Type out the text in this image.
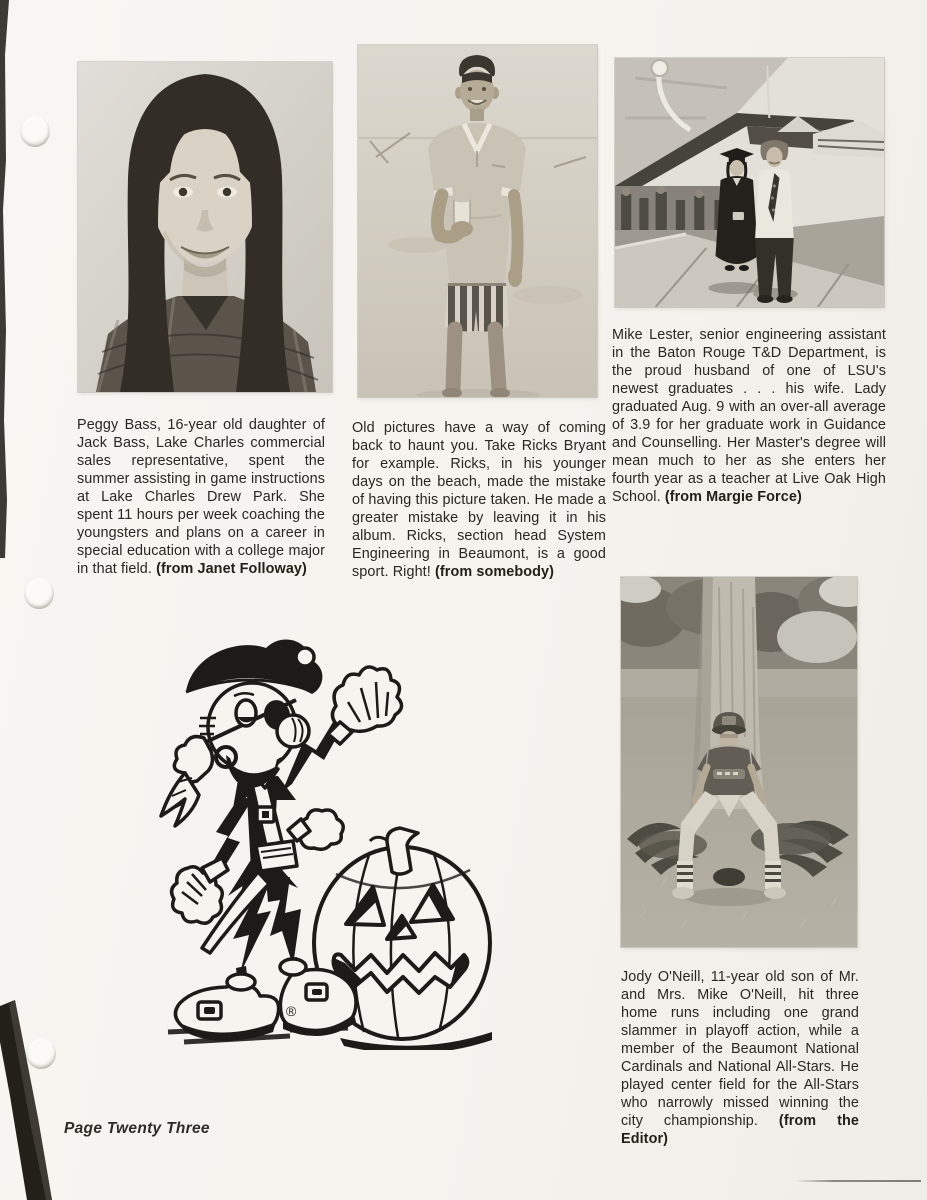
®

Peggy Bass, 16-year old daughter of Jack Bass, Lake Charles commercial sales representative, spent the summer assisting in game instructions at Lake Charles Drew Park. She spent 11 hours per week coaching the youngsters and plans on a career in special education with a college major in that field. (from Janet Followay)

Old pictures have a way of coming back to haunt you. Take Ricks Bryant for example. Ricks, in his younger days on the beach, made the mistake of having this picture taken. He made a greater mistake by leaving it in his album. Ricks, section head System Engineering in Beaumont, is a good sport. Right! (from somebody)

Mike Lester, senior engineering assistant in the Baton Rouge T&D Department, is the proud husband of one of LSU's newest graduates . . . his wife. Lady graduated Aug. 9 with an over-all average of 3.9 for her graduate work in Guidance and Counselling. Her Master's degree will mean much to her as she enters her fourth year as a teacher at Live Oak High School. (from Margie Force)

Jody O'Neill, 11-year old son of Mr. and Mrs. Mike O'Neill, hit three home runs including one grand slammer in playoff action, while a member of the Beaumont National Cardinals and National All-Stars. He played center field for the All-Stars who narrowly missed winning the city championship. (from the Editor)

Page Twenty Three
